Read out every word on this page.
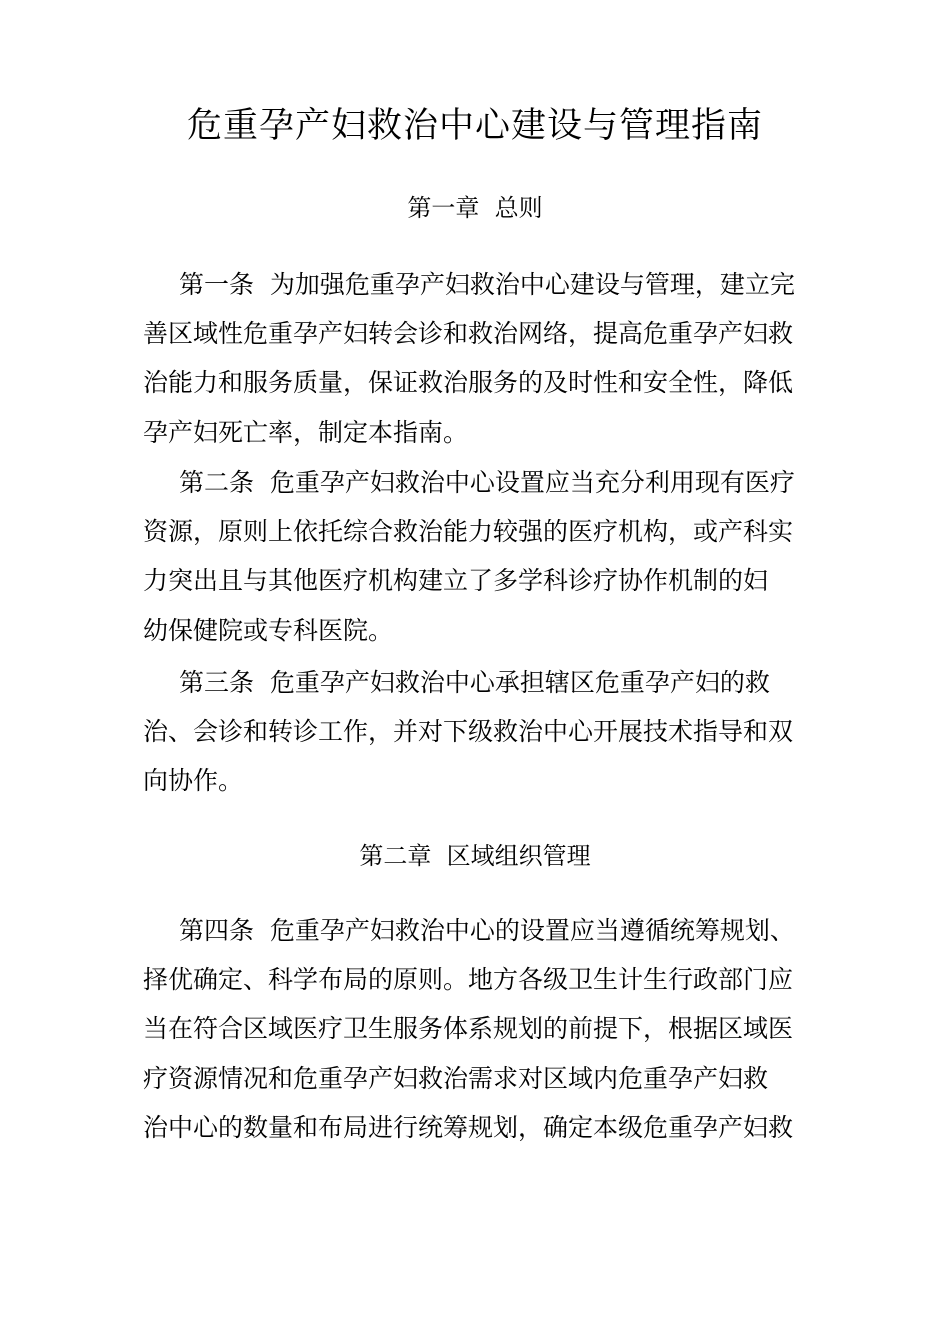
危重孕产妇救治中心建设与管理指南
第一章  总则
第一条  为加强危重孕产妇救治中心建设与管理，建立完
善区域性危重孕产妇转会诊和救治网络，提高危重孕产妇救
治能力和服务质量，保证救治服务的及时性和安全性，降低
孕产妇死亡率，制定本指南。
第二条  危重孕产妇救治中心设置应当充分利用现有医疗
资源，原则上依托综合救治能力较强的医疗机构，或产科实
力突出且与其他医疗机构建立了多学科诊疗协作机制的妇
幼保健院或专科医院。
第三条  危重孕产妇救治中心承担辖区危重孕产妇的救
治、会诊和转诊工作，并对下级救治中心开展技术指导和双
向协作。
第二章  区域组织管理
第四条  危重孕产妇救治中心的设置应当遵循统筹规划、
择优确定、科学布局的原则。地方各级卫生计生行政部门应
当在符合区域医疗卫生服务体系规划的前提下，根据区域医
疗资源情况和危重孕产妇救治需求对区域内危重孕产妇救
治中心的数量和布局进行统筹规划，确定本级危重孕产妇救
